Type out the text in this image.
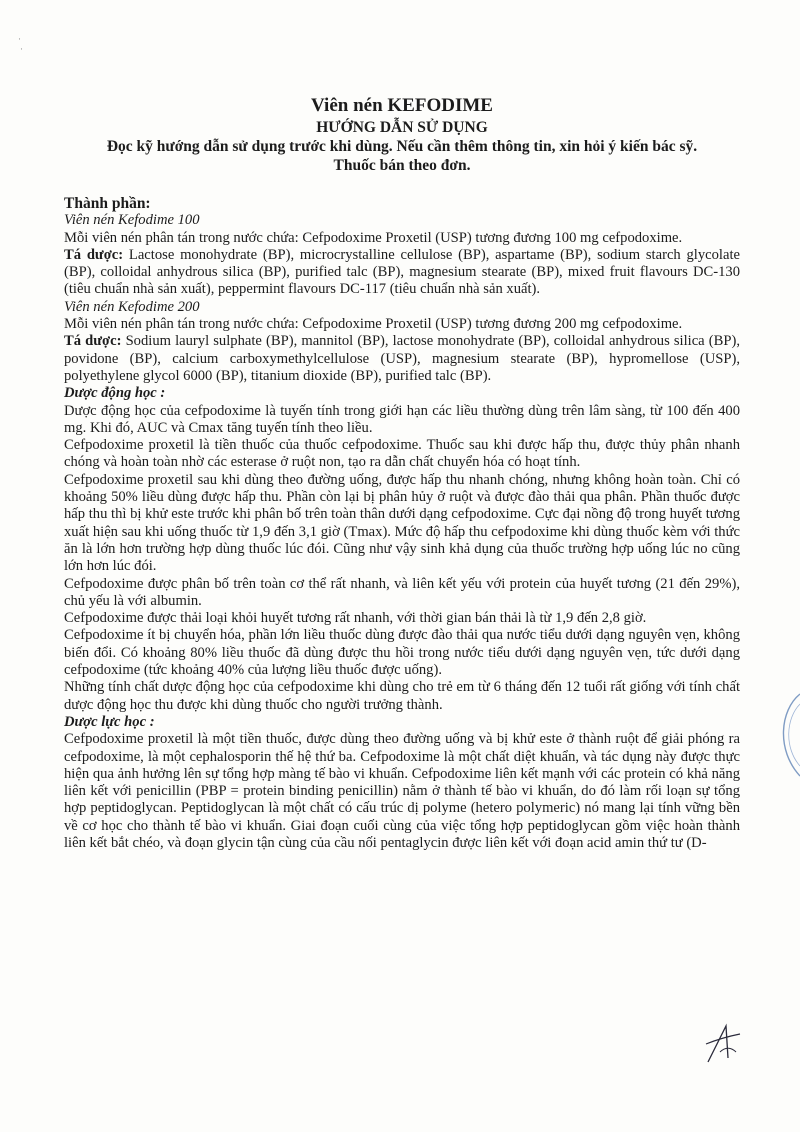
Viên nén KEFODIME
HƯỚNG DẪN SỬ DỤNG
Đọc kỹ hướng dẫn sử dụng trước khi dùng. Nếu cần thêm thông tin, xin hỏi ý kiến bác sỹ.
Thuốc bán theo đơn.

Thành phần:

Viên nén Kefodime 100

Mỗi viên nén phân tán trong nước chứa: Cefpodoxime Proxetil (USP) tương đương 100 mg cefpodoxime.

Tá dược: Lactose monohydrate (BP), microcrystalline cellulose (BP), aspartame (BP), sodium starch glycolate (BP), colloidal anhydrous silica (BP), purified talc (BP), magnesium stearate (BP), mixed fruit flavours DC-130 (tiêu chuẩn nhà sản xuất), peppermint flavours DC-117 (tiêu chuẩn nhà sản xuất).

Viên nén Kefodime 200

Mỗi viên nén phân tán trong nước chứa: Cefpodoxime Proxetil (USP) tương đương 200 mg cefpodoxime.

Tá dược: Sodium lauryl sulphate (BP), mannitol (BP), lactose monohydrate (BP), colloidal anhydrous silica (BP), povidone (BP), calcium carboxymethylcellulose (USP), magnesium stearate (BP), hypromellose (USP), polyethylene glycol 6000 (BP), titanium dioxide (BP), purified talc (BP).

Dược động học :

Dược động học của cefpodoxime là tuyến tính trong giới hạn các liều thường dùng trên lâm sàng, từ 100 đến 400 mg. Khi đó, AUC và Cmax tăng tuyến tính theo liều.

Cefpodoxime proxetil là tiền thuốc của thuốc cefpodoxime. Thuốc sau khi được hấp thu, được thủy phân nhanh chóng và hoàn toàn nhờ các esterase ở ruột non, tạo ra dẫn chất chuyển hóa có hoạt tính.

Cefpodoxime proxetil sau khi dùng theo đường uống, được hấp thu nhanh chóng, nhưng không hoàn toàn. Chỉ có khoảng 50% liều dùng được hấp thu. Phần còn lại bị phân hủy ở ruột và được đào thải qua phân. Phần thuốc được hấp thu thì bị khử este trước khi phân bố trên toàn thân dưới dạng cefpodoxime. Cực đại nồng độ trong huyết tương xuất hiện sau khi uống thuốc từ 1,9 đến 3,1 giờ (Tmax). Mức độ hấp thu cefpodoxime khi dùng thuốc kèm với thức ăn là lớn hơn trường hợp dùng thuốc lúc đói. Cũng như vậy sinh khả dụng của thuốc trường hợp uống lúc no cũng lớn hơn lúc đói.

Cefpodoxime được phân bố trên toàn cơ thể rất nhanh, và liên kết yếu với protein của huyết tương (21 đến 29%), chủ yếu là với albumin.

Cefpodoxime được thải loại khỏi huyết tương rất nhanh, với thời gian bán thải là từ 1,9 đến 2,8 giờ.

Cefpodoxime ít bị chuyển hóa, phần lớn liều thuốc dùng được đào thải qua nước tiểu dưới dạng nguyên vẹn, không biến đổi. Có khoảng 80% liều thuốc đã dùng được thu hồi trong nước tiểu dưới dạng nguyên vẹn, tức dưới dạng cefpodoxime (tức khoảng 40% của lượng liều thuốc được uống).

Những tính chất dược động học của cefpodoxime khi dùng cho trẻ em từ 6 tháng đến 12 tuổi rất giống với tính chất dược động học thu được khi dùng thuốc cho người trưởng thành.

Dược lực học :

Cefpodoxime proxetil là một tiền thuốc, được dùng theo đường uống và bị khử este ở thành ruột để giải phóng ra cefpodoxime, là một cephalosporin thế hệ thứ ba. Cefpodoxime là một chất diệt khuẩn, và tác dụng này được thực hiện qua ảnh hưởng lên sự tổng hợp màng tế bào vi khuẩn. Cefpodoxime liên kết mạnh với các protein có khả năng liên kết với penicillin (PBP = protein binding penicillin) nằm ở thành tế bào vi khuẩn, do đó làm rối loạn sự tổng hợp peptidoglycan. Peptidoglycan là một chất có cấu trúc dị polyme (hetero polymeric) nó mang lại tính vững bền về cơ học cho thành tế bào vi khuẩn. Giai đoạn cuối cùng của việc tổng hợp peptidoglycan gồm việc hoàn thành liên kết bắt chéo, và đoạn glycin tận cùng của cầu nối pentaglycin được liên kết với đoạn acid amin thứ tư (D-

·
·
